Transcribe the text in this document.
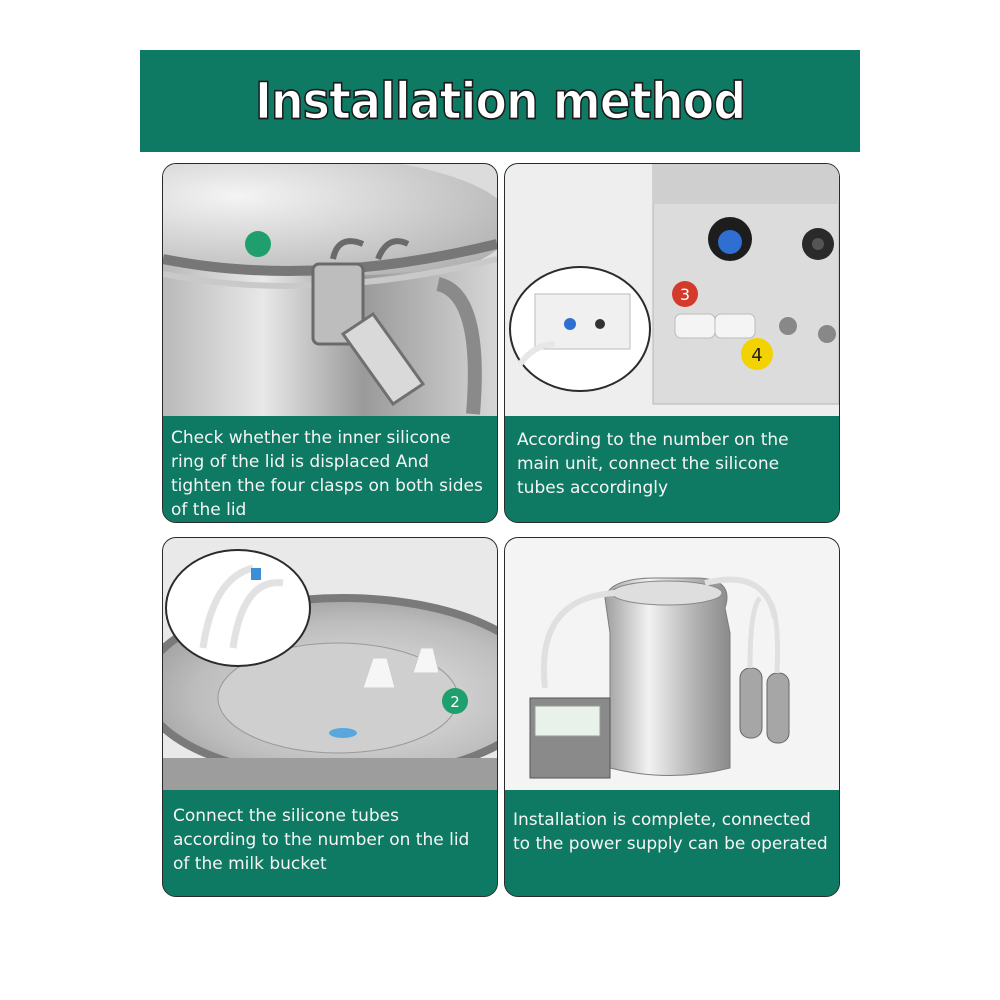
Installation method
Check whether the inner silicone ring of the lid is displaced And tighten the four clasps on both sides of the lid
3
4
According to the number on the main unit, connect the silicone tubes accordingly
2
Connect the silicone tubes according to the number on the lid of the milk bucket
Installation is complete, connected to the power supply can be operated
